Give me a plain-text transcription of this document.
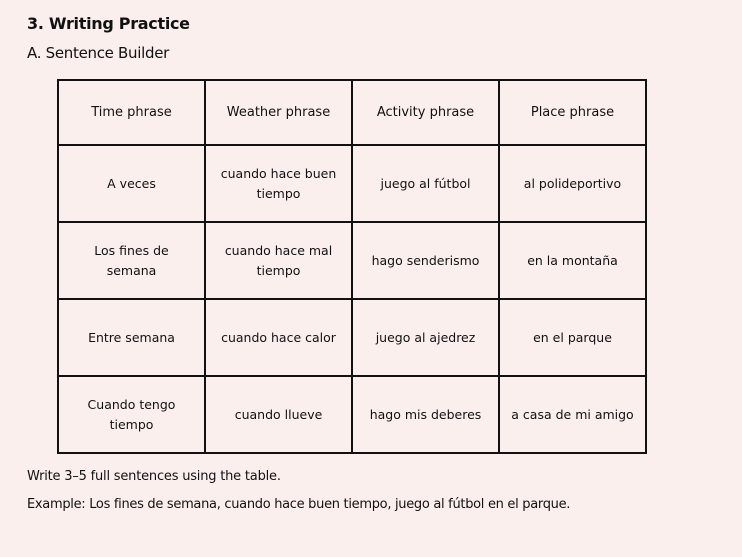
3. Writing Practice
A. Sentence Builder
Time phrase	Weather phrase	Activity phrase	Place phrase
A veces	cuando hace buen tiempo	juego al fútbol	al polideportivo
Los fines de semana	cuando hace mal tiempo	hago senderismo	en la montaña
Entre semana	cuando hace calor	juego al ajedrez	en el parque
Cuando tengo tiempo	cuando llueve	hago mis deberes	a casa de mi amigo
Write 3–5 full sentences using the table.
Example: Los fines de semana, cuando hace buen tiempo, juego al fútbol en el parque.
